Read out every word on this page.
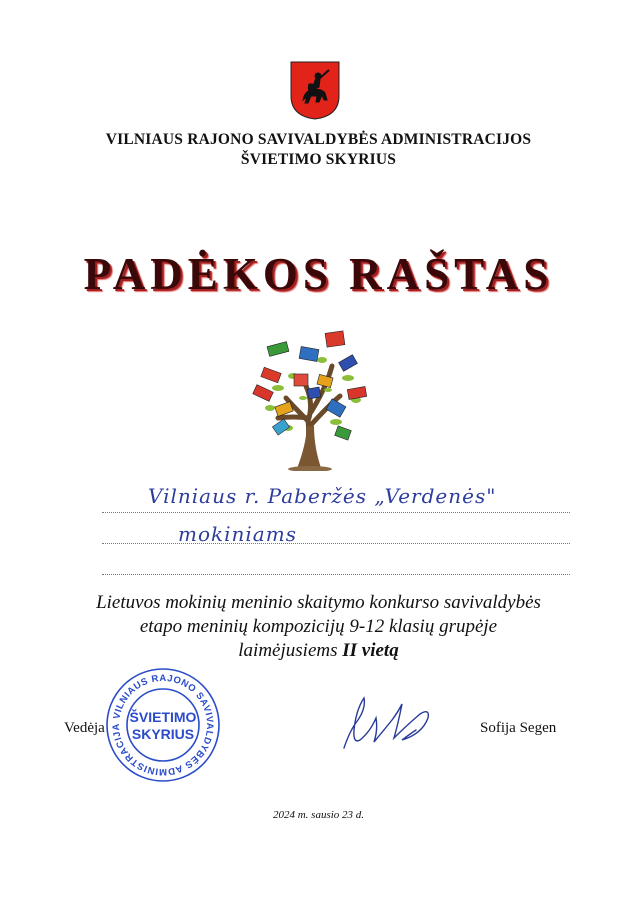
VILNIAUS RAJONO SAVIVALDYBĖS ADMINISTRACIJOS
ŠVIETIMO SKYRIUS
PADĖKOS RAŠTAS
Vilniaus r. Paberžės „Verdenės"
mokiniams
Lietuvos mokinių meninio skaitymo konkurso savivaldybės
etapo meninių kompozicijų 9-12 klasių grupėje
laimėjusiems II vietą
VILNIAUS RAJONO SAVIVALDYBĖS ADMINISTRACIJA
ŠVIETIMO
SKYRIUS
Vedėja	Sofija Segen
2024 m. sausio 23 d.
